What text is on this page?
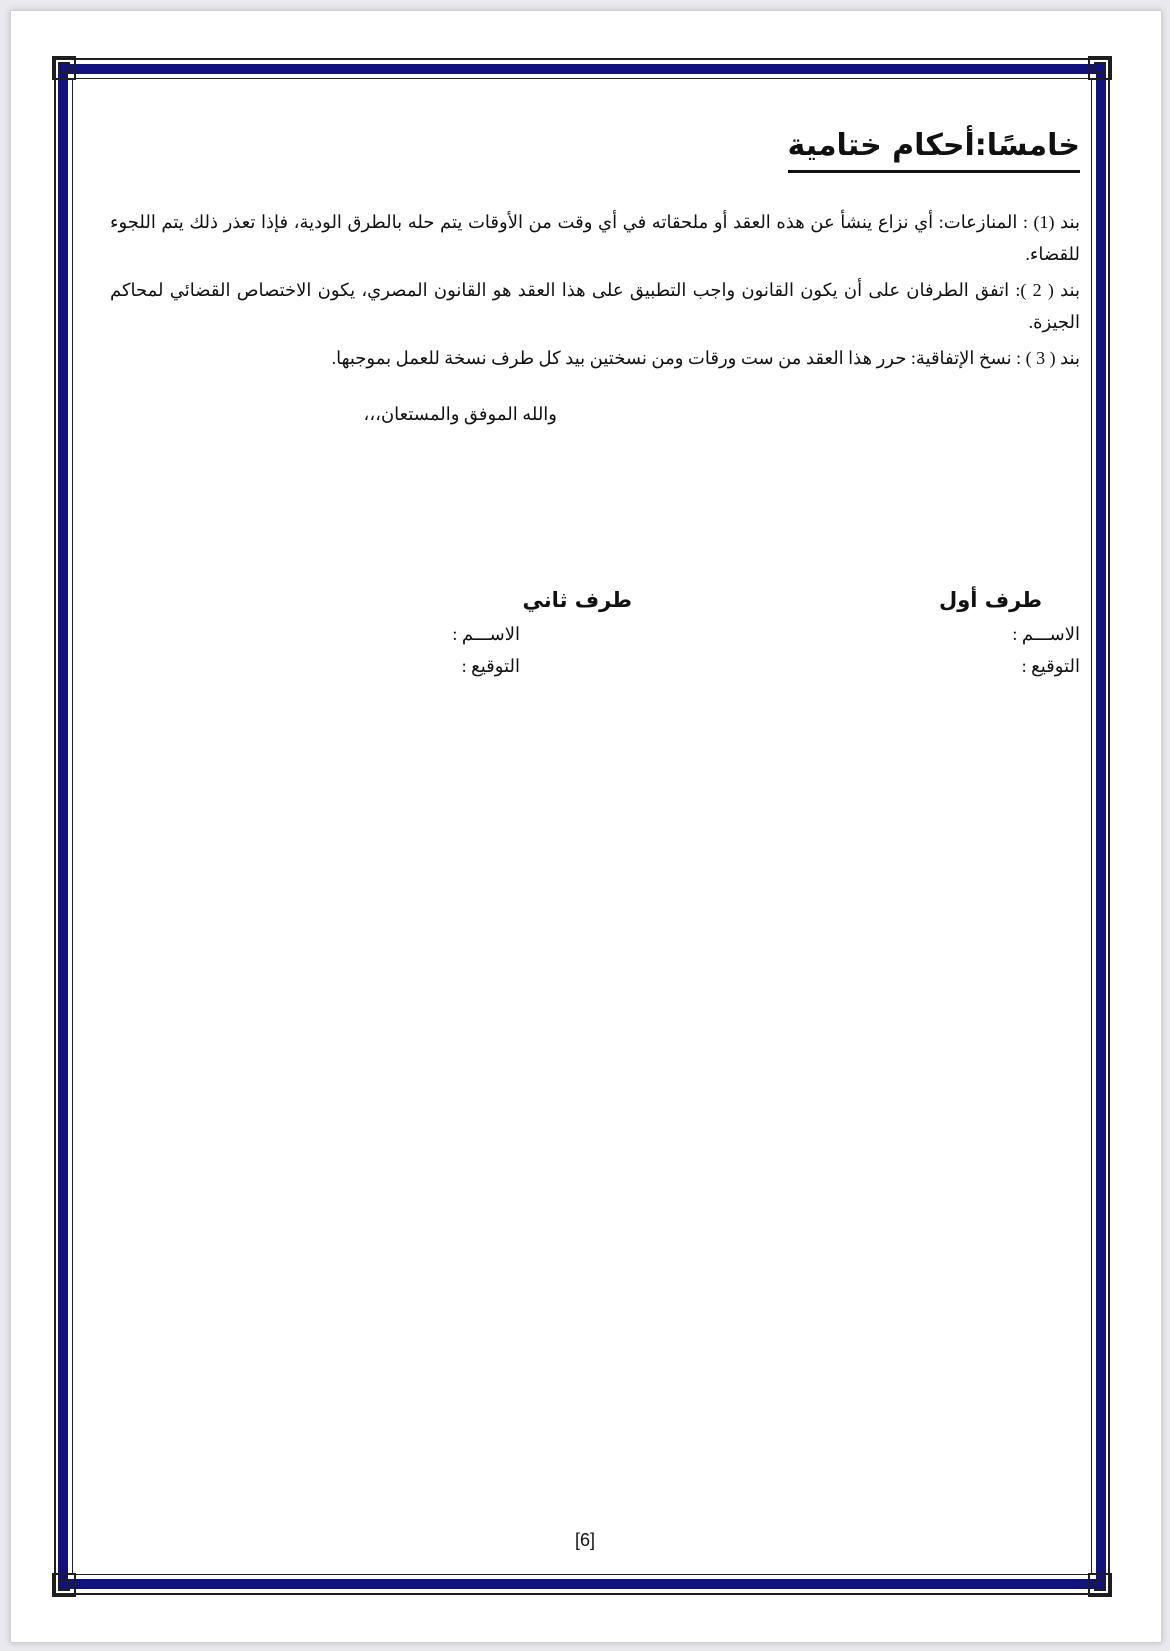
خامسًا:أحكام ختامية

بند (1) : المنازعات: أي نزاع ينشأ عن هذه العقد أو ملحقاته في أي وقت من الأوقات يتم حله بالطرق الودية، فإذا تعذر ذلك يتم اللجوء للقضاء.

بند ( 2 ): اتفق الطرفان على أن يكون القانون واجب التطبيق على هذا العقد هو القانون المصري، يكون الاختصاص القضائي لمحاكم الجيزة.

بند ( 3 ) : نسخ الإتفاقية: حرر هذا العقد من ست ورقات ومن نسختين بيد كل طرف نسخة للعمل بموجبها.

والله الموفق والمستعان،،،
طرف أول
الاســـم :
التوقيع :
طرف ثاني
الاســـم :
التوقيع :
[6]
